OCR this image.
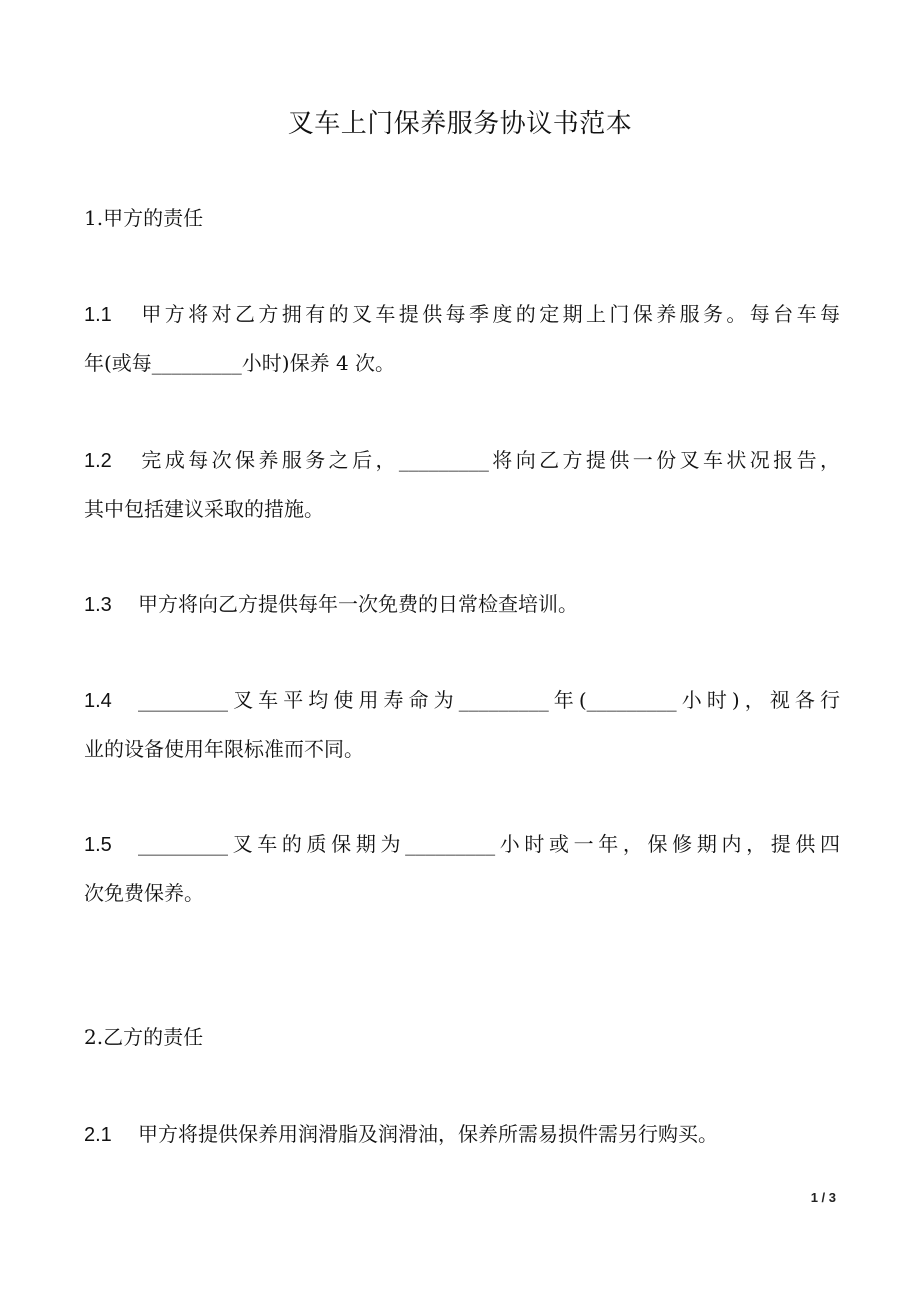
叉车上门保养服务协议书范本
1.甲方的责任
1.1 甲方将对乙方拥有的叉车提供每季度的定期上门保养服务。每台车每
年(或每_________小时)保养 4 次。
1.2 完成每次保养服务之后，_________将向乙方提供一份叉车状况报告，
其中包括建议采取的措施。
1.3 甲方将向乙方提供每年一次免费的日常检查培训。
1.4 _________叉车平均使用寿命为_________年(_________小时)，视各行
业的设备使用年限标准而不同。
1.5 _________叉车的质保期为_________小时或一年，保修期内，提供四
次免费保养。
2.乙方的责任
2.1 甲方将提供保养用润滑脂及润滑油，保养所需易损件需另行购买。
1 / 3
